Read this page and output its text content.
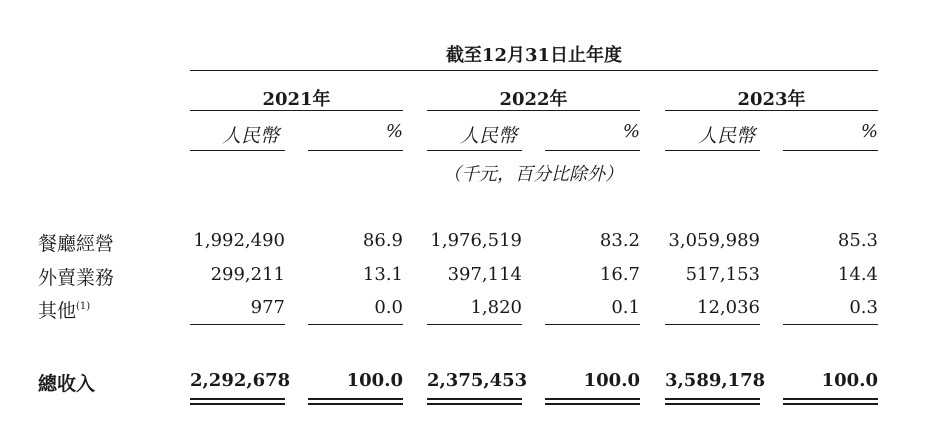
截至12月31日止年度
2021年	2022年	2023年
人民幣	%	人民幣	%	人民幣	%
（千元，百分比除外）
餐廳經營	1,992,490	86.9 1,976,519	83.2 3,059,989	85.3
外賣業務	299,211	13.1	397,114	16.7	517,153	14.4
其他$^{(1)}$	977	0.0	1,820	0.1	12,036	0.3
總收入	2,292,678	100.0 2,375,453	100.0 3,589,178	100.0
